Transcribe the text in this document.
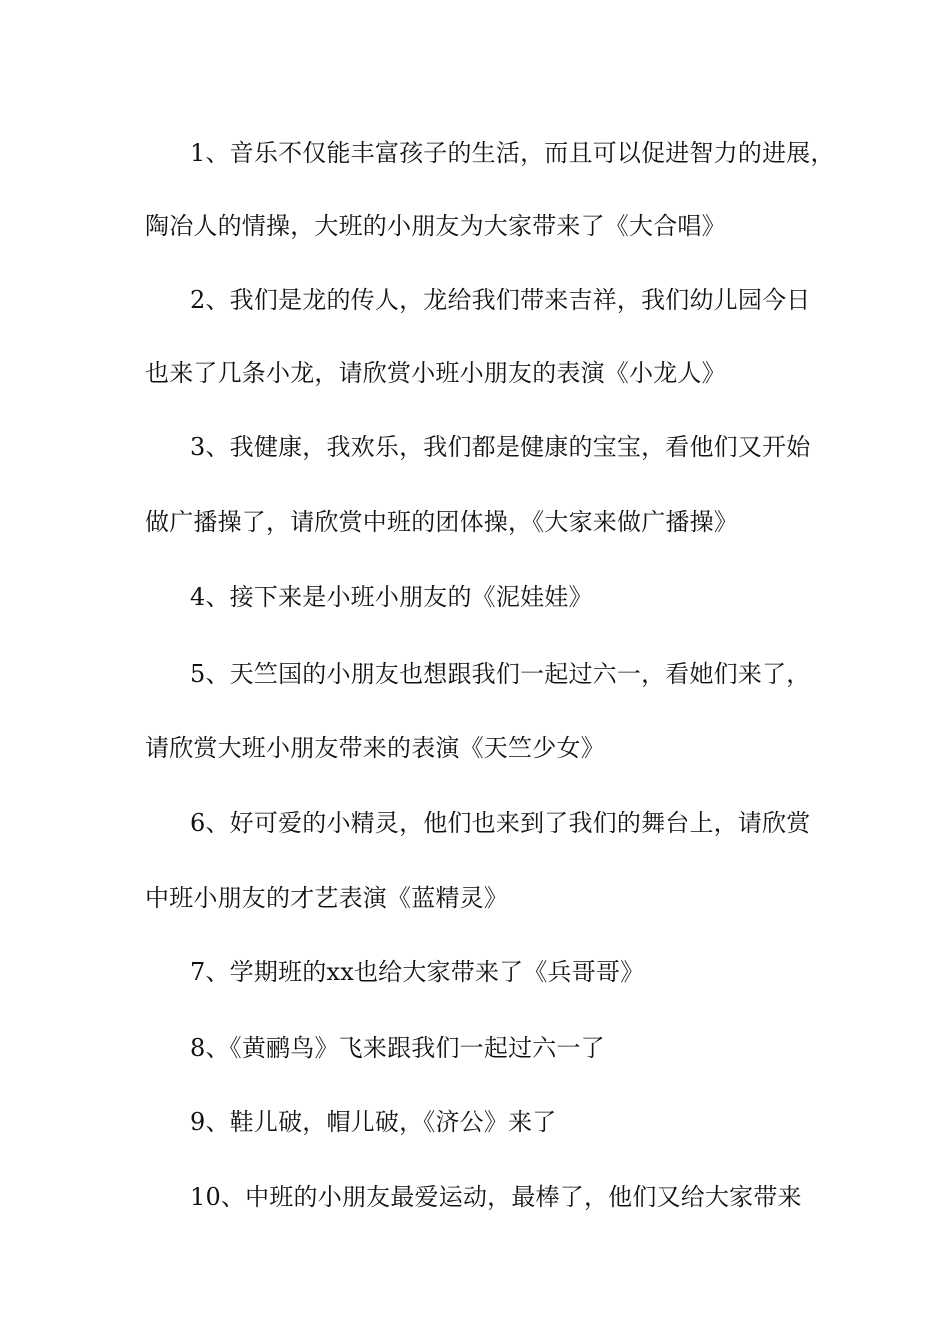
1、音乐不仅能丰富孩子的生活，而且可以促进智力的进展，
陶冶人的情操，大班的小朋友为大家带来了《大合唱》
2、我们是龙的传人，龙给我们带来吉祥，我们幼儿园今日
也来了几条小龙，请欣赏小班小朋友的表演《小龙人》
3、我健康，我欢乐，我们都是健康的宝宝，看他们又开始
做广播操了，请欣赏中班的团体操，《大家来做广播操》
4、接下来是小班小朋友的《泥娃娃》
5、天竺国的小朋友也想跟我们一起过六一，看她们来了，
请欣赏大班小朋友带来的表演《天竺少女》
6、好可爱的小精灵，他们也来到了我们的舞台上，请欣赏
中班小朋友的才艺表演《蓝精灵》
7、学期班的xx也给大家带来了《兵哥哥》
8、《黄鹂鸟》飞来跟我们一起过六一了
9、鞋儿破，帽儿破，《济公》来了
10、中班的小朋友最爱运动，最棒了，他们又给大家带来
